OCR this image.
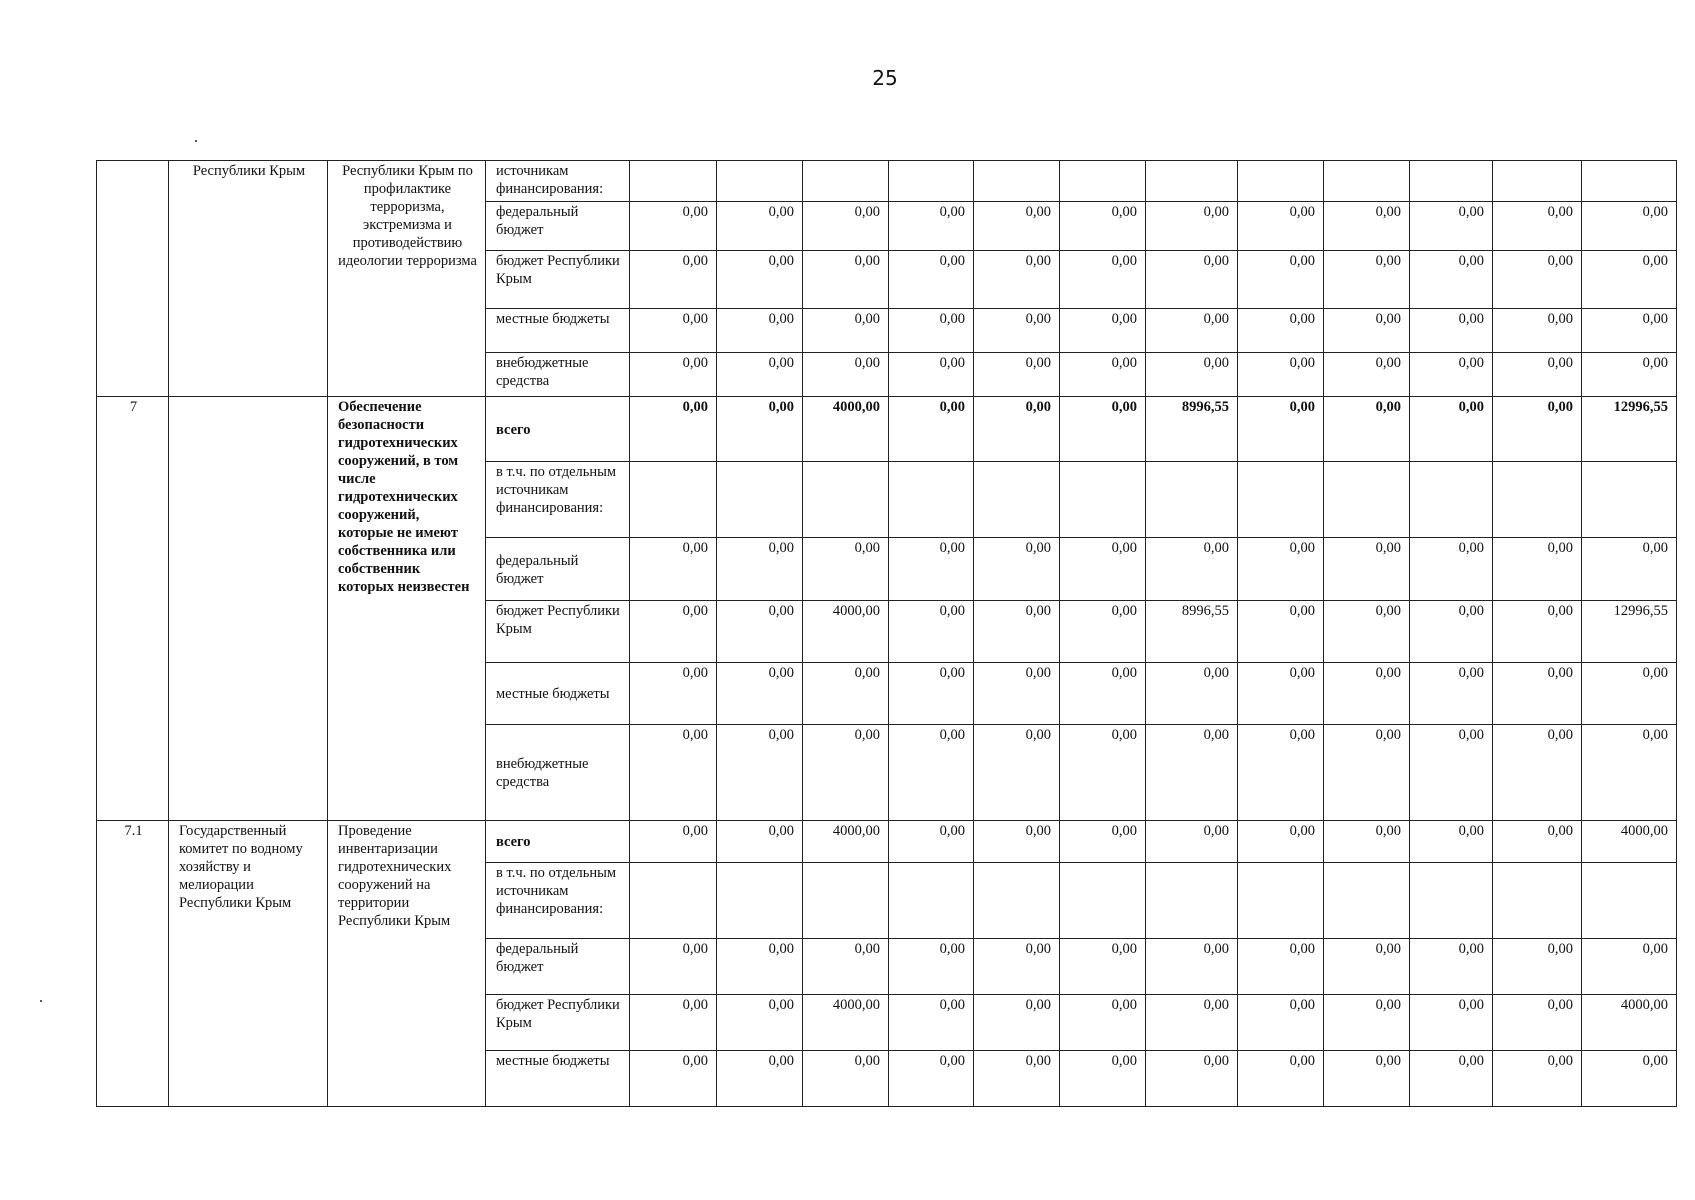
25
	Республики Крым	Республики Крым по профилактике терроризма, экстремизма и противодействию идеологии терроризма	источникам финансирования:												
			федеральный бюджет	0,00	0,00	0,00	0,00	0,00	0,00	0,00	0,00	0,00	0,00	0,00	0,00
			бюджет Республики Крым	0,00	0,00	0,00	0,00	0,00	0,00	0,00	0,00	0,00	0,00	0,00	0,00
			местные бюджеты	0,00	0,00	0,00	0,00	0,00	0,00	0,00	0,00	0,00	0,00	0,00	0,00
			внебюджетные средства	0,00	0,00	0,00	0,00	0,00	0,00	0,00	0,00	0,00	0,00	0,00	0,00
7		Обеспечение безопасности гидротехнических сооружений, в том числе гидротехнических сооружений, которые не имеют собственника или собственник которых неизвестен	всего	0,00	0,00	4000,00	0,00	0,00	0,00	8996,55	0,00	0,00	0,00	0,00	12996,55
			в т.ч. по отдельным источникам финансирования:												
			федеральный бюджет	0,00	0,00	0,00	0,00	0,00	0,00	0,00	0,00	0,00	0,00	0,00	0,00
			бюджет Республики Крым	0,00	0,00	4000,00	0,00	0,00	0,00	8996,55	0,00	0,00	0,00	0,00	12996,55
			местные бюджеты	0,00	0,00	0,00	0,00	0,00	0,00	0,00	0,00	0,00	0,00	0,00	0,00
			внебюджетные средства	0,00	0,00	0,00	0,00	0,00	0,00	0,00	0,00	0,00	0,00	0,00	0,00
7.1	Государственный комитет по водному хозяйству и мелиорации Республики Крым	Проведение инвентаризации гидротехнических сооружений на территории Республики Крым	всего	0,00	0,00	4000,00	0,00	0,00	0,00	0,00	0,00	0,00	0,00	0,00	4000,00
			в т.ч. по отдельным источникам финансирования:												
			федеральный бюджет	0,00	0,00	0,00	0,00	0,00	0,00	0,00	0,00	0,00	0,00	0,00	0,00
			бюджет Республики Крым	0,00	0,00	4000,00	0,00	0,00	0,00	0,00	0,00	0,00	0,00	0,00	4000,00
			местные бюджеты	0,00	0,00	0,00	0,00	0,00	0,00	0,00	0,00	0,00	0,00	0,00	0,00
